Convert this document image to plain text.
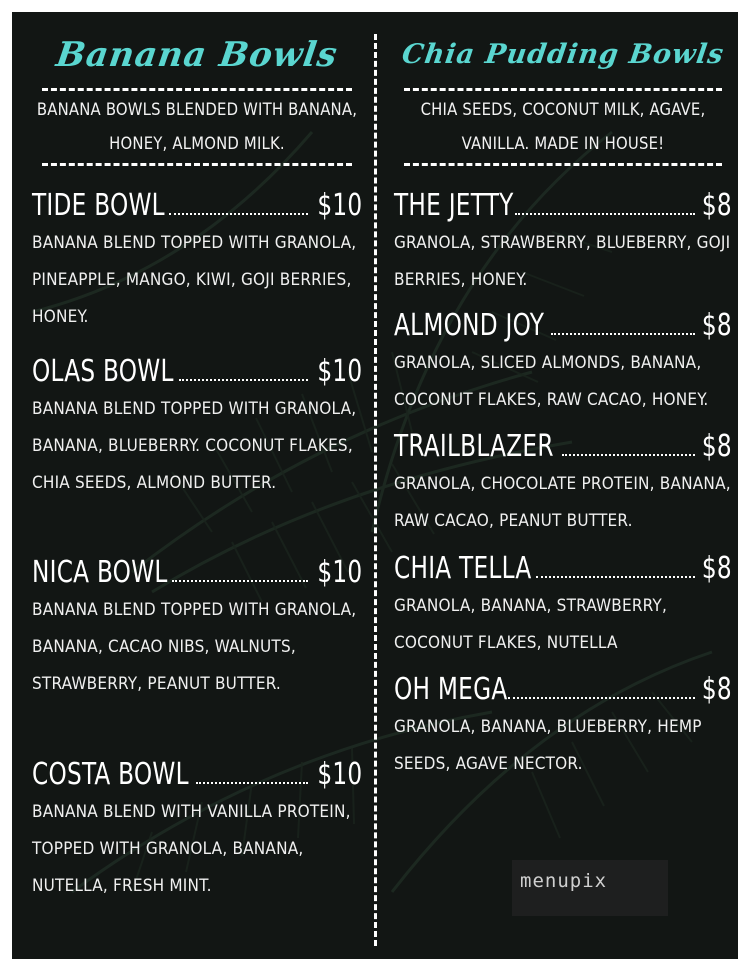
Banana Bowls
BANANA BOWLS BLENDED WITH BANANA, HONEY, ALMOND MILK.
TIDE BOWL	$10
BANANA BLEND TOPPED WITH GRANOLA, PINEAPPLE, MANGO, KIWI, GOJI BERRIES, HONEY.
OLAS BOWL	$10
BANANA BLEND TOPPED WITH GRANOLA, BANANA, BLUEBERRY. COCONUT FLAKES, CHIA SEEDS, ALMOND BUTTER.
NICA BOWL	$10
BANANA BLEND TOPPED WITH GRANOLA, BANANA, CACAO NIBS, WALNUTS, STRAWBERRY, PEANUT BUTTER.
COSTA BOWL	$10
BANANA BLEND WITH VANILLA PROTEIN, TOPPED WITH GRANOLA, BANANA, NUTELLA, FRESH MINT.
Chia Pudding Bowls
CHIA SEEDS, COCONUT MILK, AGAVE, VANILLA. MADE IN HOUSE!
THE JETTY	$8
GRANOLA, STRAWBERRY, BLUEBERRY, GOJI BERRIES, HONEY.
ALMOND JOY	$8
GRANOLA, SLICED ALMONDS, BANANA, COCONUT FLAKES, RAW CACAO, HONEY.
TRAILBLAZER	$8
GRANOLA, CHOCOLATE PROTEIN, BANANA, RAW CACAO, PEANUT BUTTER.
CHIA TELLA	$8
GRANOLA, BANANA, STRAWBERRY, COCONUT FLAKES, NUTELLA
OH MEGA	$8
GRANOLA, BANANA, BLUEBERRY, HEMP SEEDS, AGAVE NECTOR.
menupix
